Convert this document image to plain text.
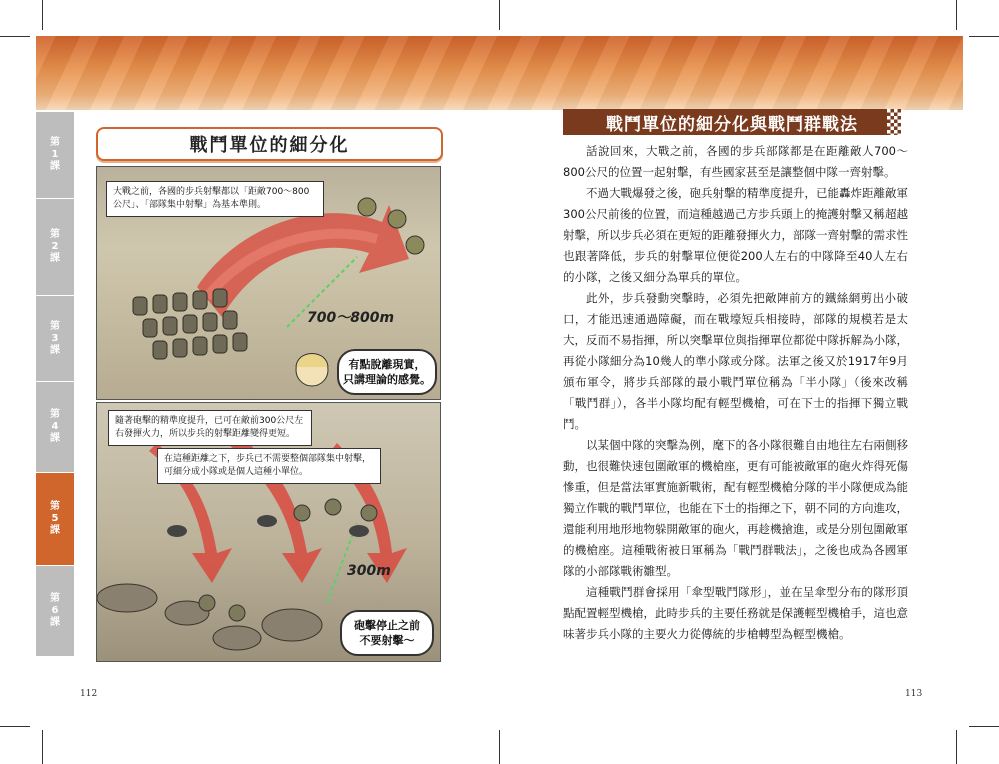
第
1
課
第
2
課
第
3
課
第
4
課
第
5
課
第
6
課
戰鬥單位的細分化
大戰之前，各國的步兵射擊都以「距敵700～800公尺」、「部隊集中射擊」為基本準則。
700～800m
有點脫離現實，
只講理論的感覺。
隨著砲擊的精準度提升，已可在敵前300公尺左右發揮火力，所以步兵的射擊距離變得更短。
在這種距離之下，步兵已不需要整個部隊集中射擊，可細分成小隊或是個人這種小單位。
300m
砲擊停止之前
不要射擊～
112
戰鬥單位的細分化與戰鬥群戰法

話說回來，大戰之前，各國的步兵部隊都是在距離敵人700～800公尺的位置一起射擊，有些國家甚至是讓整個中隊一齊射擊。

不過大戰爆發之後，砲兵射擊的精準度提升，已能轟炸距離敵軍300公尺前後的位置，而這種越過己方步兵頭上的掩護射擊又稱超越射擊，所以步兵必須在更短的距離發揮火力，部隊一齊射擊的需求性也跟著降低，步兵的射擊單位便從200人左右的中隊降至40人左右的小隊，之後又細分為單兵的單位。

此外，步兵發動突擊時，必須先把敵陣前方的鐵絲網剪出小破口，才能迅速通過障礙，而在戰壕短兵相接時，部隊的規模若是太大，反而不易指揮，所以突擊單位與指揮單位都從中隊拆解為小隊，再從小隊細分為10幾人的準小隊或分隊。法軍之後又於1917年9月頒布軍令，將步兵部隊的最小戰鬥單位稱為「半小隊」（後來改稱「戰鬥群」），各半小隊均配有輕型機槍，可在下士的指揮下獨立戰鬥。

以某個中隊的突擊為例，麾下的各小隊很難自由地往左右兩側移動，也很難快速包圍敵軍的機槍座，更有可能被敵軍的砲火炸得死傷慘重，但是當法軍實施新戰術，配有輕型機槍分隊的半小隊便成為能獨立作戰的戰鬥單位，也能在下士的指揮之下，朝不同的方向進攻，還能利用地形地物躲開敵軍的砲火，再趁機搶進，或是分別包圍敵軍的機槍座。這種戰術被日軍稱為「戰鬥群戰法」，之後也成為各國軍隊的小部隊戰術雛型。

這種戰鬥群會採用「傘型戰鬥隊形」，並在呈傘型分布的隊形頂點配置輕型機槍，此時步兵的主要任務就是保護輕型機槍手，這也意味著步兵小隊的主要火力從傳統的步槍轉型為輕型機槍。

113
